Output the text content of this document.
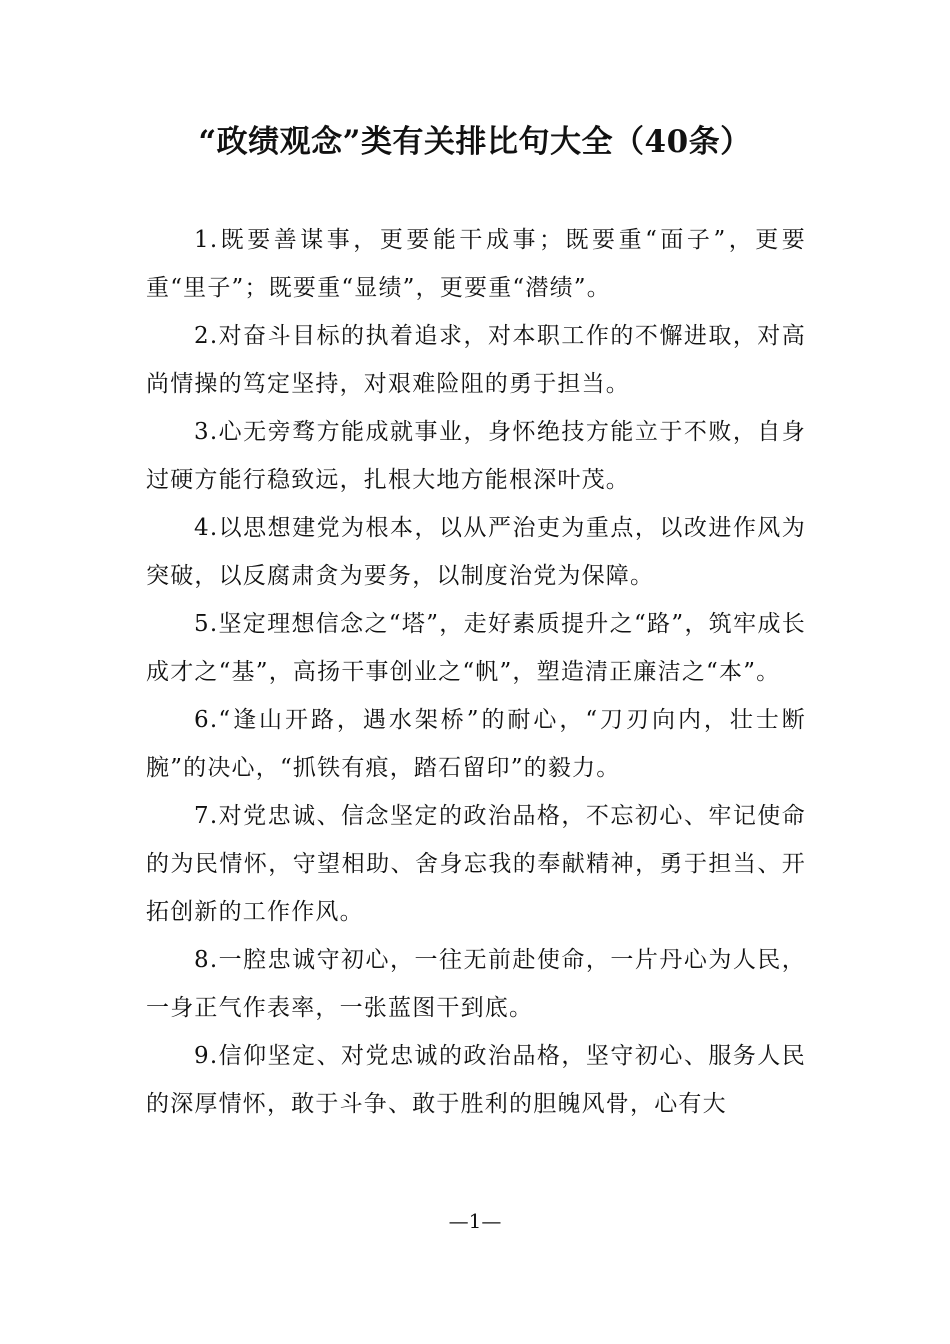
“政绩观念”类有关排比句大全（40条）

1.既要善谋事，更要能干成事；既要重“面子”，更要重“里子”；既要重“显绩”，更要重“潜绩”。

2.对奋斗目标的执着追求，对本职工作的不懈进取，对高尚情操的笃定坚持，对艰难险阻的勇于担当。

3.心无旁骛方能成就事业，身怀绝技方能立于不败，自身过硬方能行稳致远，扎根大地方能根深叶茂。

4.以思想建党为根本，以从严治吏为重点，以改进作风为突破，以反腐肃贪为要务，以制度治党为保障。

5.坚定理想信念之“塔”，走好素质提升之“路”，筑牢成长成才之“基”，高扬干事创业之“帆”，塑造清正廉洁之“本”。

6.“逢山开路，遇水架桥”的耐心，“刀刃向内，壮士断腕”的决心，“抓铁有痕，踏石留印”的毅力。

7.对党忠诚、信念坚定的政治品格，不忘初心、牢记使命的为民情怀，守望相助、舍身忘我的奉献精神，勇于担当、开拓创新的工作作风。

8.一腔忠诚守初心，一往无前赴使命，一片丹心为人民，一身正气作表率，一张蓝图干到底。

9.信仰坚定、对党忠诚的政治品格，坚守初心、服务人民的深厚情怀，敢于斗争、敢于胜利的胆魄风骨，心有大

—1—
